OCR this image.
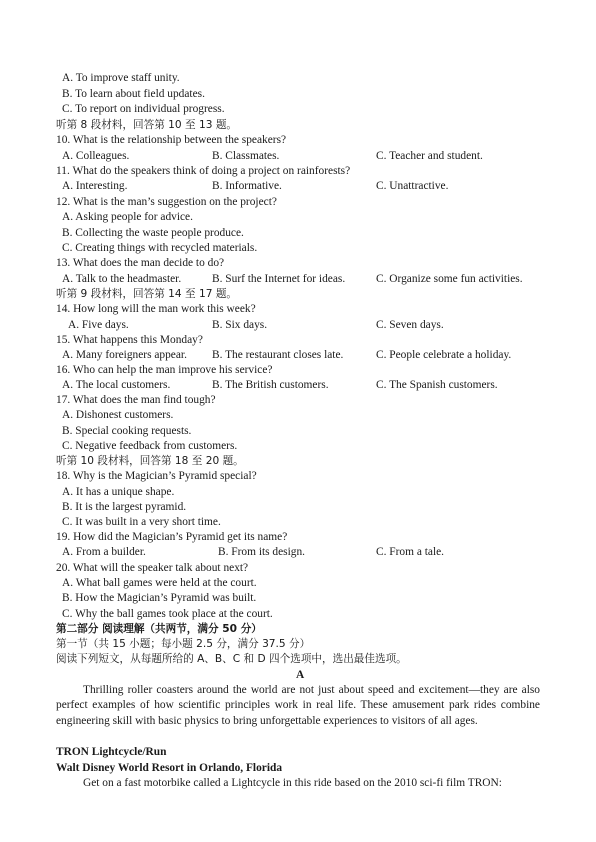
A. To improve staff unity.
B. To learn about field updates.
C. To report on individual progress.
听第 8 段材料，回答第 10 至 13 题。
10. What is the relationship between the speakers?
A. Colleagues.	B. Classmates.	C. Teacher and student.
11. What do the speakers think of doing a project on rainforests?
A. Interesting.	B. Informative.	C. Unattractive.
12. What is the man’s suggestion on the project?
A. Asking people for advice.
B. Collecting the waste people produce.
C. Creating things with recycled materials.
13. What does the man decide to do?
A. Talk to the headmaster.	B. Surf the Internet for ideas.	C. Organize some fun activities.
听第 9 段材料，回答第 14 至 17 题。
14. How long will the man work this week?
A. Five days.	B. Six days.	C. Seven days.
15. What happens this Monday?
A. Many foreigners appear. B. The restaurant closes late.	C. People celebrate a holiday.
16. Who can help the man improve his service?
A. The local customers.	B. The British customers.	C. The Spanish customers.
17. What does the man find tough?
A. Dishonest customers.
B. Special cooking requests.
C. Negative feedback from customers.
听第 10 段材料，回答第 18 至 20 题。
18. Why is the Magician’s Pyramid special?
A. It has a unique shape.
B. It is the largest pyramid.
C. It was built in a very short time.
19. How did the Magician’s Pyramid get its name?
A. From a builder.	B. From its design.	C. From a tale.
20. What will the speaker talk about next?
A. What ball games were held at the court.
B. How the Magician’s Pyramid was built.
C. Why the ball games took place at the court.
第二部分 阅读理解（共两节，满分 50 分）
第一节（共 15 小题；每小题 2.5 分，满分 37.5 分）
阅读下列短文，从每题所给的 A、B、C 和 D 四个选项中，选出最佳选项。
A
TRON Lightcycle/Run
Walt Disney World Resort in Orlando, Florida
Get on a fast motorbike called a Lightcycle in this ride based on the 2010 sci-fi film TRON:
Thrilling roller coasters around the world are not just about speed and excitement—they are also perfect examples of how scientific principles work in real life. These amusement park rides combine engineering skill with basic physics to bring unforgettable experiences to visitors of all ages.
